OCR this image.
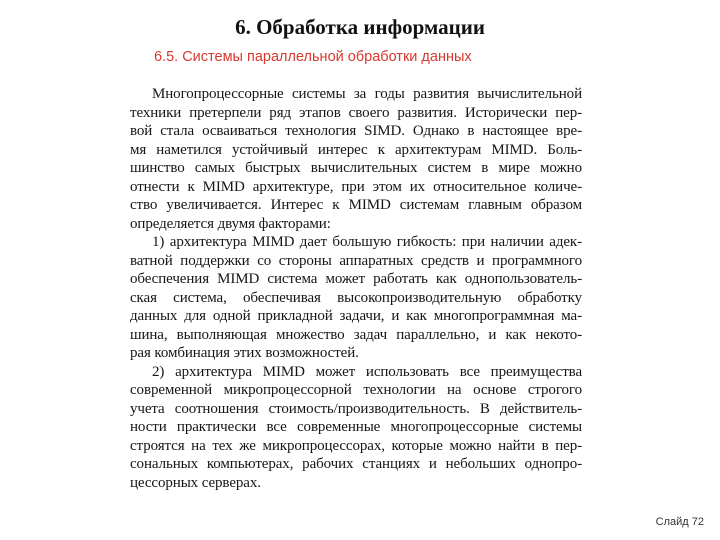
6. Обработка информации
6.5. Системы параллельной обработки данных
Многопроцессорные системы за годы развития вычислительной
техники претерпели ряд этапов своего развития. Исторически пер-
вой стала осваиваться технология SIMD. Однако в настоящее вре-
мя наметился устойчивый интерес к архитектурам MIMD. Боль-
шинство самых быстрых вычислительных систем в мире можно
отнести к MIMD архитектуре, при этом их относительное количе-
ство увеличивается. Интерес к MIMD системам главным образом
определяется двумя факторами:
1) архитектура MIMD дает большую гибкость: при наличии адек-
ватной поддержки со стороны аппаратных средств и программного
обеспечения MIMD система может работать как однопользователь-
ская система, обеспечивая высокопроизводительную обработку
данных для одной прикладной задачи, и как многопрограммная ма-
шина, выполняющая множество задач параллельно, и как некото-
рая комбинация этих возможностей.
2) архитектура MIMD может использовать все преимущества
современной микропроцессорной технологии на основе строгого
учета соотношения стоимость/производительность. В действитель-
ности практически все современные многопроцессорные системы
строятся на тех же микропроцессорах, которые можно найти в пер-
сональных компьютерах, рабочих станциях и небольших однопро-
цессорных серверах.
Слайд 72
